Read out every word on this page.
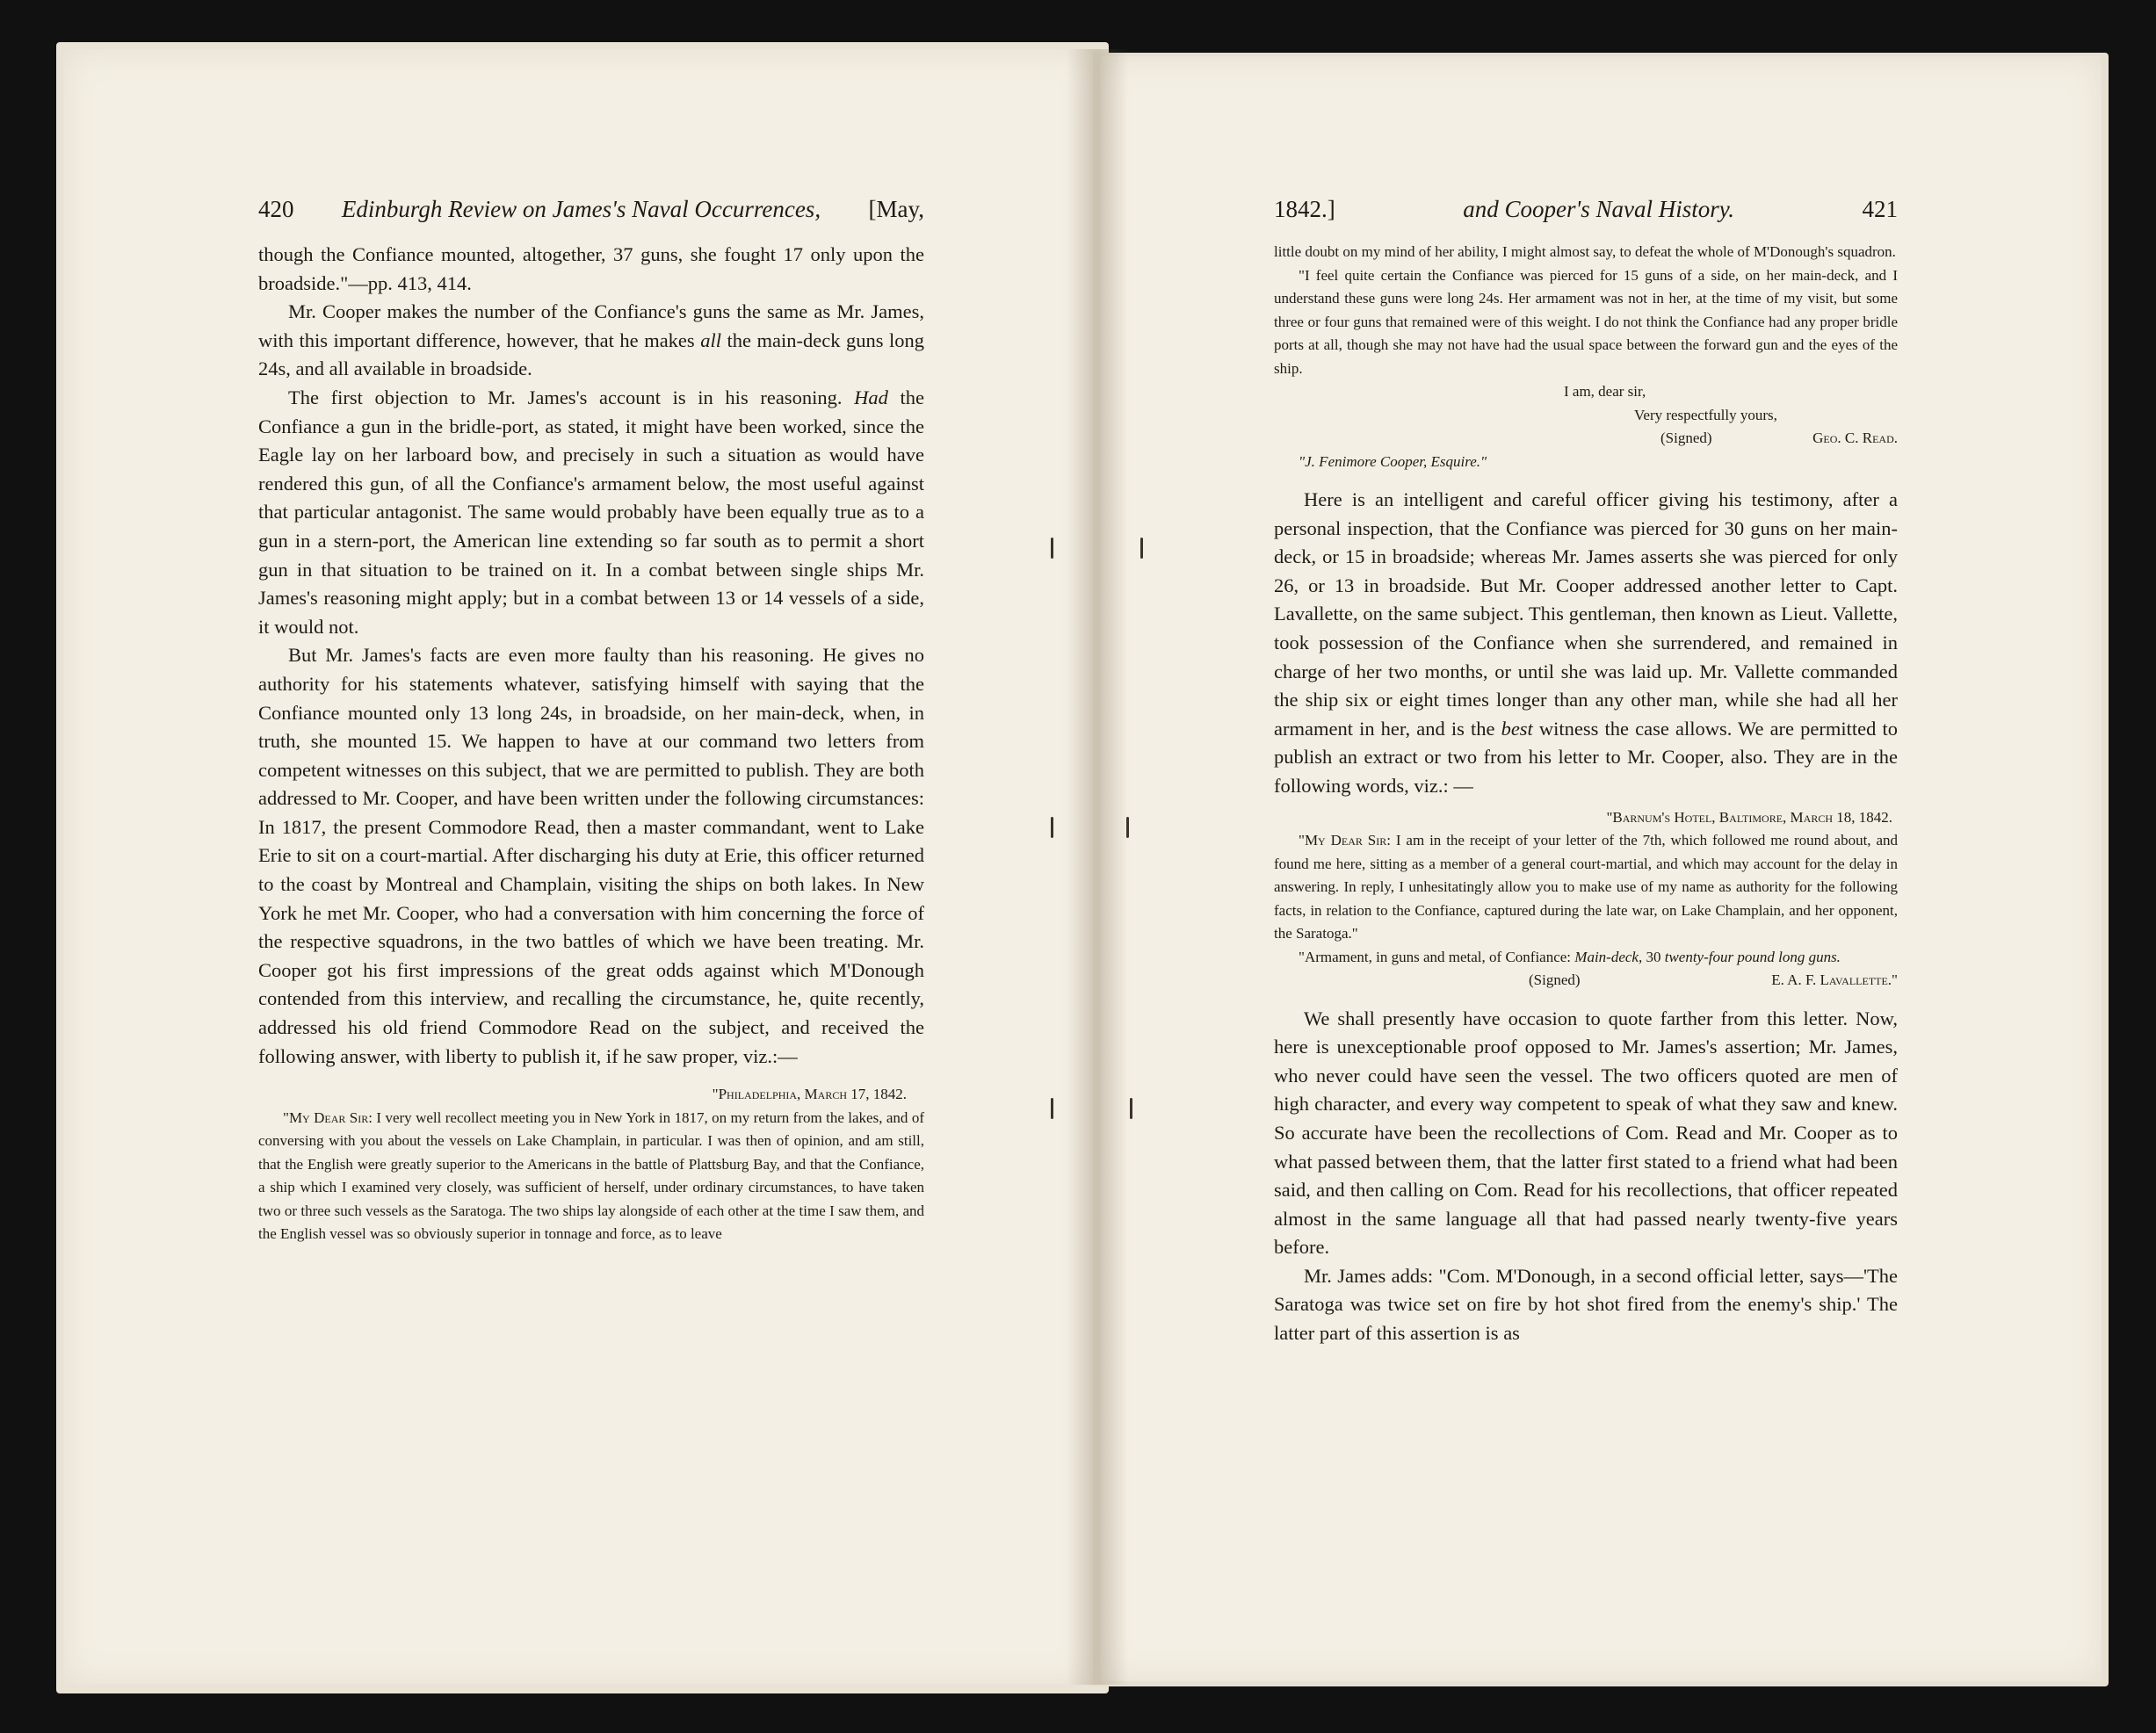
420 Edinburgh Review on James's Naval Occurrences, [May,

though the Confiance mounted, altogether, 37 guns, she fought 17 only upon the broadside."—pp. 413, 414.

Mr. Cooper makes the number of the Confiance's guns the same as Mr. James, with this important difference, however, that he makes all the main-deck guns long 24s, and all available in broadside.

The first objection to Mr. James's account is in his reasoning. Had the Confiance a gun in the bridle-port, as stated, it might have been worked, since the Eagle lay on her larboard bow, and precisely in such a situation as would have rendered this gun, of all the Confiance's armament below, the most useful against that particular antagonist. The same would probably have been equally true as to a gun in a stern-port, the American line extending so far south as to permit a short gun in that situation to be trained on it. In a combat between single ships Mr. James's reasoning might apply; but in a combat between 13 or 14 vessels of a side, it would not.

But Mr. James's facts are even more faulty than his reasoning. He gives no authority for his statements whatever, satisfying himself with saying that the Confiance mounted only 13 long 24s, in broadside, on her main-deck, when, in truth, she mounted 15. We happen to have at our command two letters from competent witnesses on this subject, that we are permitted to publish. They are both addressed to Mr. Cooper, and have been written under the following circumstances: In 1817, the present Commodore Read, then a master commandant, went to Lake Erie to sit on a court-martial. After discharging his duty at Erie, this officer returned to the coast by Montreal and Champlain, visiting the ships on both lakes. In New York he met Mr. Cooper, who had a conversation with him concerning the force of the respective squadrons, in the two battles of which we have been treating. Mr. Cooper got his first impressions of the great odds against which M'Donough contended from this interview, and recalling the circumstance, he, quite recently, addressed his old friend Commodore Read on the subject, and received the following answer, with liberty to publish it, if he saw proper, viz.:—

"Philadelphia, March 17, 1842.

"My Dear Sir: I very well recollect meeting you in New York in 1817, on my return from the lakes, and of conversing with you about the vessels on Lake Champlain, in particular. I was then of opinion, and am still, that the English were greatly superior to the Americans in the battle of Plattsburg Bay, and that the Confiance, a ship which I examined very closely, was sufficient of herself, under ordinary circumstances, to have taken two or three such vessels as the Saratoga. The two ships lay alongside of each other at the time I saw them, and the English vessel was so obviously superior in tonnage and force, as to leave

1842.]	and Cooper's Naval History.	421

little doubt on my mind of her ability, I might almost say, to defeat the whole of M'Donough's squadron.

"I feel quite certain the Confiance was pierced for 15 guns of a side, on her main-deck, and I understand these guns were long 24s. Her armament was not in her, at the time of my visit, but some three or four guns that remained were of this weight. I do not think the Confiance had any proper bridle ports at all, though she may not have had the usual space between the forward gun and the eyes of the ship.

I am, dear sir,

Very respectfully yours,

(Signed)	Geo. C. Read.

"J. Fenimore Cooper, Esquire."

Here is an intelligent and careful officer giving his testimony, after a personal inspection, that the Confiance was pierced for 30 guns on her main-deck, or 15 in broadside; whereas Mr. James asserts she was pierced for only 26, or 13 in broadside. But Mr. Cooper addressed another letter to Capt. Lavallette, on the same subject. This gentleman, then known as Lieut. Vallette, took possession of the Confiance when she surrendered, and remained in charge of her two months, or until she was laid up. Mr. Vallette commanded the ship six or eight times longer than any other man, while she had all her armament in her, and is the best witness the case allows. We are permitted to publish an extract or two from his letter to Mr. Cooper, also. They are in the following words, viz.: —

"Barnum's Hotel, Baltimore, March 18, 1842.

"My Dear Sir: I am in the receipt of your letter of the 7th, which followed me round about, and found me here, sitting as a member of a general court-martial, and which may account for the delay in answering. In reply, I unhesitatingly allow you to make use of my name as authority for the following facts, in relation to the Confiance, captured during the late war, on Lake Champlain, and her opponent, the Saratoga."

"Armament, in guns and metal, of Confiance: Main-deck, 30 twenty-four pound long guns.

(Signed)	E. A. F. Lavallette."

We shall presently have occasion to quote farther from this letter. Now, here is unexceptionable proof opposed to Mr. James's assertion; Mr. James, who never could have seen the vessel. The two officers quoted are men of high character, and every way competent to speak of what they saw and knew. So accurate have been the recollections of Com. Read and Mr. Cooper as to what passed between them, that the latter first stated to a friend what had been said, and then calling on Com. Read for his recollections, that officer repeated almost in the same language all that had passed nearly twenty-five years before.

Mr. James adds: "Com. M'Donough, in a second official letter, says—'The Saratoga was twice set on fire by hot shot fired from the enemy's ship.' The latter part of this assertion is as
